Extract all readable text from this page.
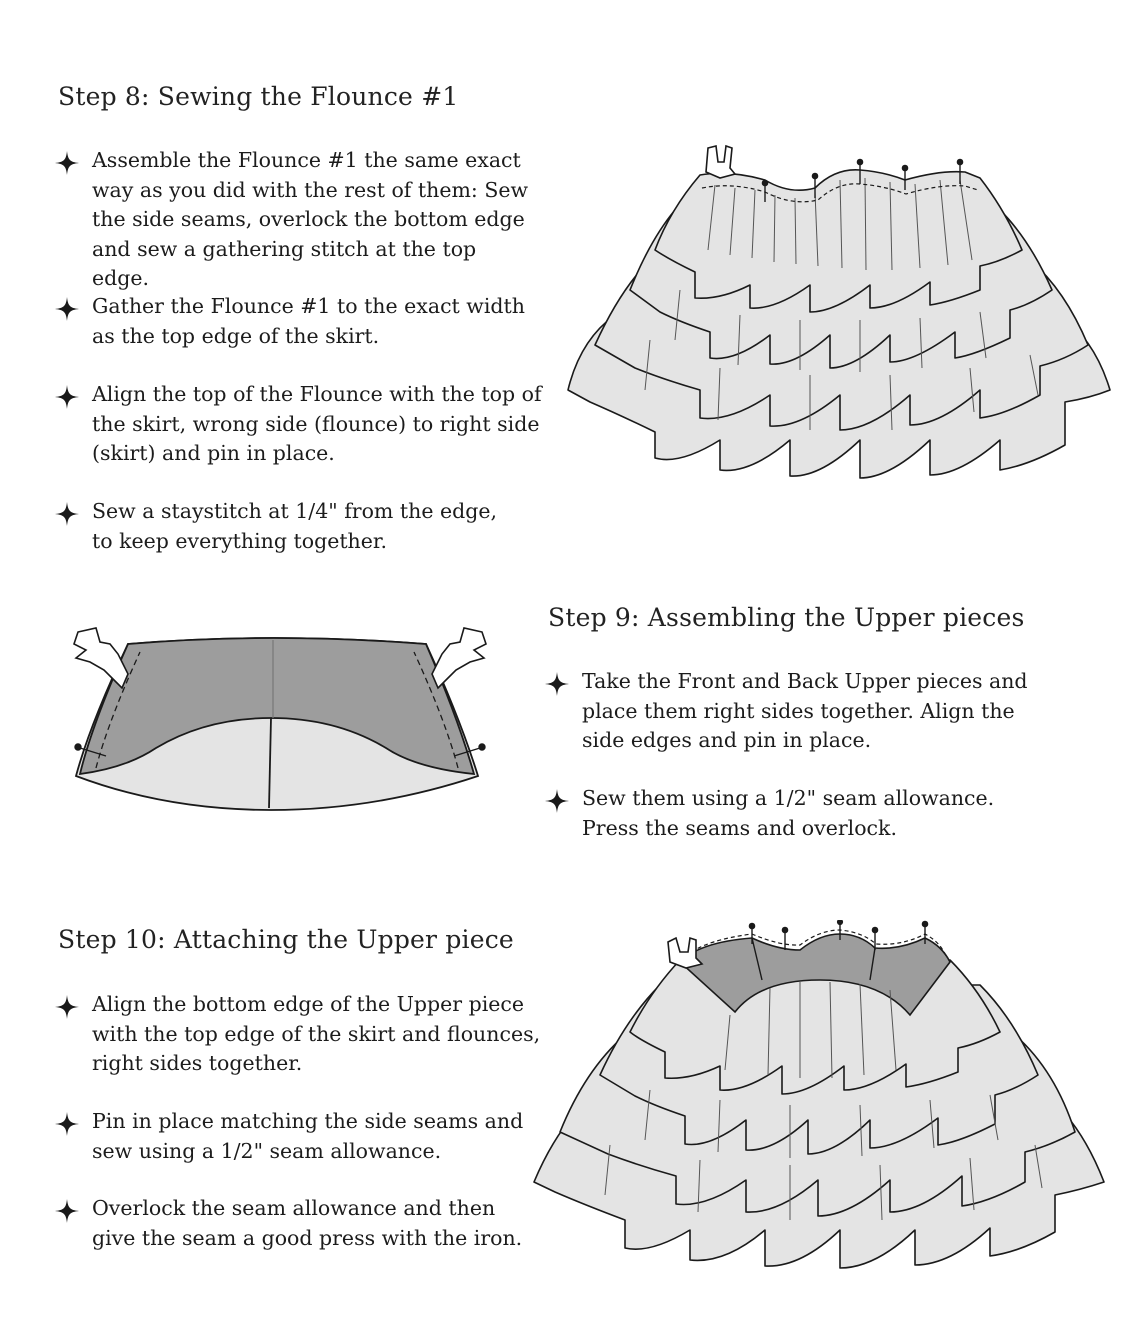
Step 8: Sewing the Flounce #1
Assemble the Flounce #1 the same exact way as you did with the rest of them: Sew the side seams, overlock the bottom edge and sew a gathering stitch at the top edge.
Gather the Flounce #1 to the exact width as the top edge of the skirt.
Align the top of the Flounce with the top of the skirt, wrong side (flounce) to right side (skirt) and pin in place.
Sew a staystitch at 1/4" from the edge, to keep everything together.
Step 9: Assembling the Upper pieces
Take the Front and Back Upper pieces and place them right sides together. Align the side edges and pin in place.
Sew them using a 1/2" seam allowance. Press the seams and overlock.
Step 10: Attaching the Upper piece
Align the bottom edge of the Upper piece with the top edge of the skirt and flounces, right sides together.
Pin in place matching the side seams and sew using a 1/2" seam allowance.
Overlock the seam allowance and then give the seam a good press with the iron.
